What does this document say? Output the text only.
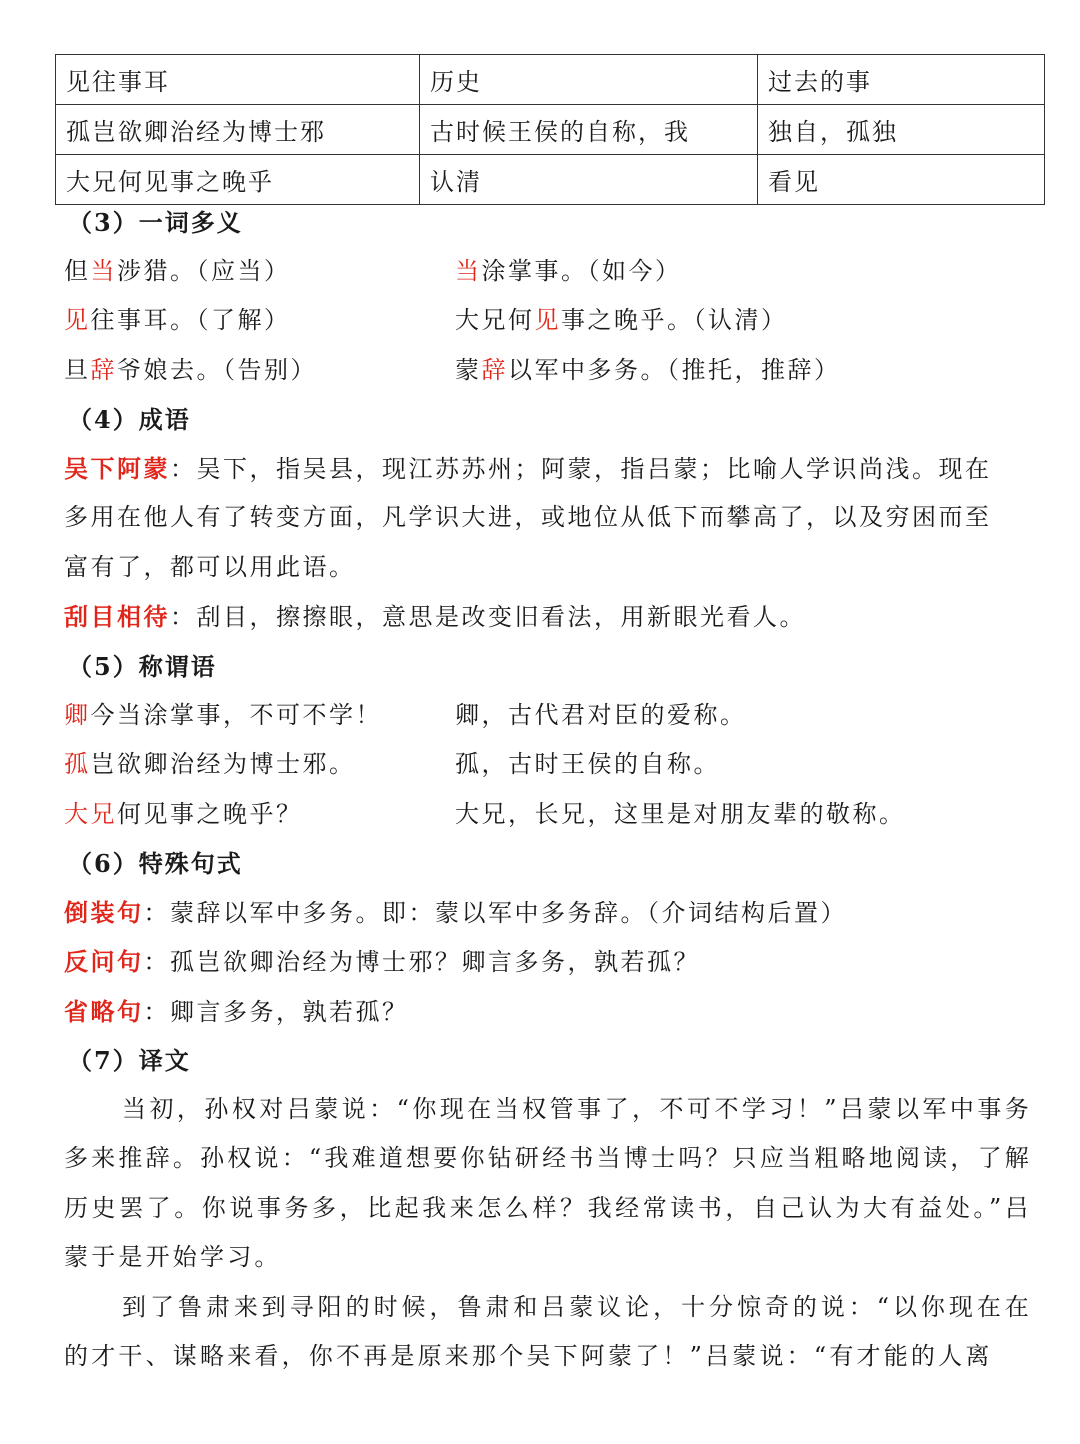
见往事耳	历史	过去的事
孤岂欲卿治经为博士邪	古时候王侯的自称，我	独自，孤独
大兄何见事之晚乎	认清	看见
（3）一词多义
但当涉猎。（应当）	当涂掌事。（如今）
见往事耳。（了解）	大兄何见事之晚乎。（认清）
旦辞爷娘去。（告别）	蒙辞以军中多务。（推托，推辞）
（4）成语
吴下阿蒙：吴下，指吴县，现江苏苏州；阿蒙，指吕蒙；比喻人学识尚浅。现在
多用在他人有了转变方面，凡学识大进，或地位从低下而攀高了，以及穷困而至
富有了，都可以用此语。
刮目相待：刮目，擦擦眼，意思是改变旧看法，用新眼光看人。
（5）称谓语
卿今当涂掌事，不可不学！	卿，古代君对臣的爱称。
孤岂欲卿治经为博士邪。	孤，古时王侯的自称。
大兄何见事之晚乎？	大兄，长兄，这里是对朋友辈的敬称。
（6）特殊句式
倒装句：蒙辞以军中多务。即：蒙以军中多务辞。（介词结构后置）
反问句：孤岂欲卿治经为博士邪？卿言多务，孰若孤？
省略句：卿言多务，孰若孤？
（7）译文
当初，孙权对吕蒙说：“你现在当权管事了，不可不学习！”吕蒙以军中事务多来推辞。孙权说：“我难道想要你钻研经书当博士吗？只应当粗略地阅读，了解历史罢了。你说事务多，比起我来怎么样？我经常读书，自己认为大有益处。”吕蒙于是开始学习。
到了鲁肃来到寻阳的时候，鲁肃和吕蒙议论，十分惊奇的说：“以你现在在的才干、谋略来看，你不再是原来那个吴下阿蒙了！”吕蒙说：“有才能的人离
